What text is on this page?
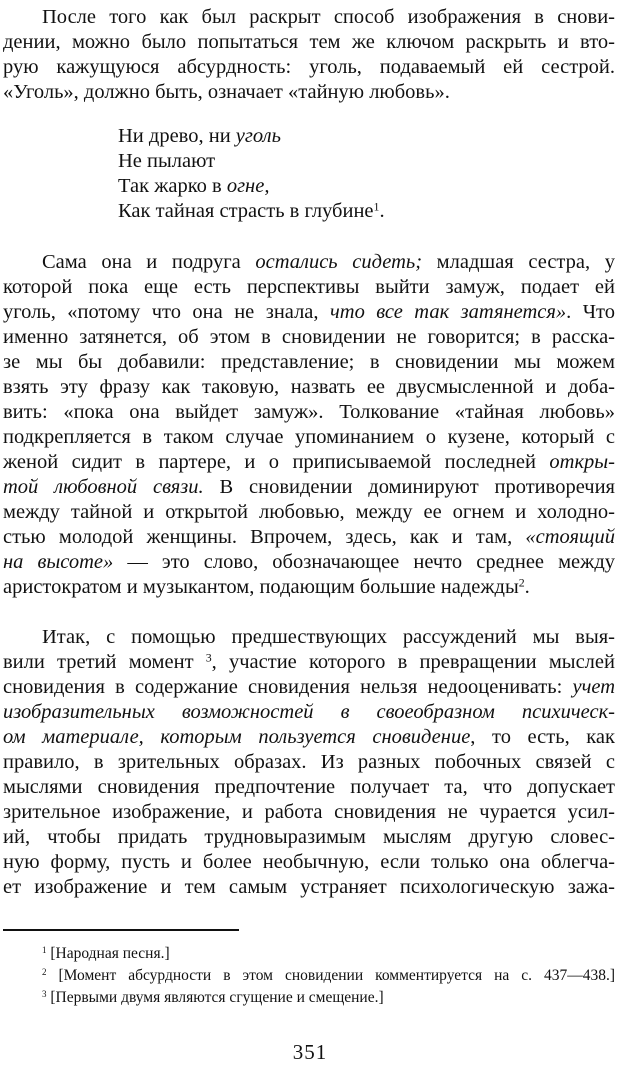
После того как был раскрыт способ изображения в снови-
дении, можно было попытаться тем же ключом раскрыть и вто-
рую кажущуюся абсурдность: уголь, подаваемый ей сестрой.
«Уголь», должно быть, означает «тайную любовь».
Ни древо, ни уголь
Не пылают
Так жарко в огне,
Как тайная страсть в глубине$^1$.
Сама она и подруга остались сидеть; младшая сестра, у
которой пока еще есть перспективы выйти замуж, подает ей
уголь, «потому что она не знала, что все так затянется». Что
именно затянется, об этом в сновидении не говорится; в расска-
зе мы бы добавили: представление; в сновидении мы можем
взять эту фразу как таковую, назвать ее двусмысленной и доба-
вить: «пока она выйдет замуж». Толкование «тайная любовь»
подкрепляется в таком случае упоминанием о кузене, который с
женой сидит в партере, и о приписываемой последней откры-
той любовной связи. В сновидении доминируют противоречия
между тайной и открытой любовью, между ее огнем и холодно-
стью молодой женщины. Впрочем, здесь, как и там, «стоящий
на высоте» — это слово, обозначающее нечто среднее между
аристократом и музыкантом, подающим большие надежды$^2$.
Итак, с помощью предшествующих рассуждений мы выя-
вили третий момент $^3$, участие которого в превращении мыслей
сновидения в содержание сновидения нельзя недооценивать: учет
изобразительных возможностей в своеобразном психическ-
ом материале, которым пользуется сновидение, то есть, как
правило, в зрительных образах. Из разных побочных связей с
мыслями сновидения предпочтение получает та, что допускает
зрительное изображение, и работа сновидения не чурается усил-
ий, чтобы придать трудновыразимым мыслям другую словес-
ную форму, пусть и более необычную, если только она облегча-
ет изображение и тем самым устраняет психологическую зажа-
$^1$ [Народная песня.]
$^2$ [Момент абсурдности в этом сновидении комментируется на с. 437—438.]
$^3$ [Первыми двумя являются сгущение и смещение.]
351
